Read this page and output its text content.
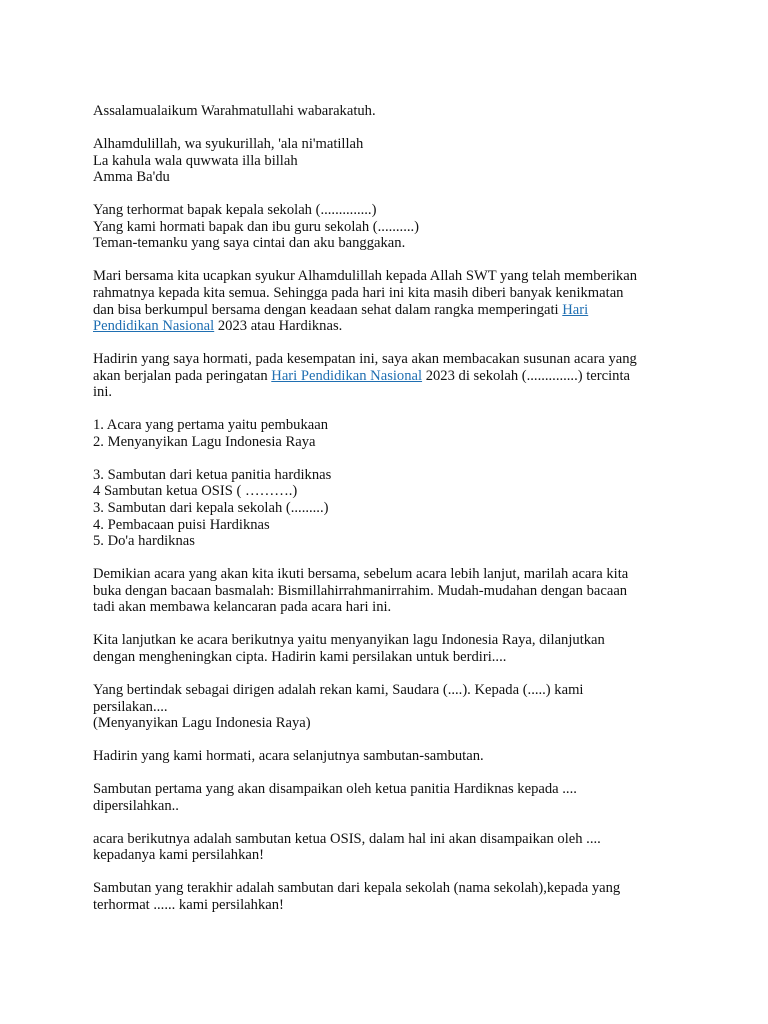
Assalamualaikum Warahmatullahi wabarakatuh.

Alhamdulillah, wa syukurillah, 'ala ni'matillah
La kahula wala quwwata illa billah
Amma Ba'du

Yang terhormat bapak kepala sekolah (..............)
Yang kami hormati bapak dan ibu guru sekolah (..........)
Teman-temanku yang saya cintai dan aku banggakan.

Mari bersama kita ucapkan syukur Alhamdulillah kepada Allah SWT yang telah memberikan
rahmatnya kepada kita semua. Sehingga pada hari ini kita masih diberi banyak kenikmatan
dan bisa berkumpul bersama dengan keadaan sehat dalam rangka memperingati Hari
Pendidikan Nasional 2023 atau Hardiknas.

Hadirin yang saya hormati, pada kesempatan ini, saya akan membacakan susunan acara yang
akan berjalan pada peringatan Hari Pendidikan Nasional 2023 di sekolah (..............) tercinta
ini.

1. Acara yang pertama yaitu pembukaan
2. Menyanyikan Lagu Indonesia Raya

3. Sambutan dari ketua panitia hardiknas
4 Sambutan ketua OSIS ( ……….)
3. Sambutan dari kepala sekolah (.........)
4. Pembacaan puisi Hardiknas
5. Do'a hardiknas

Demikian acara yang akan kita ikuti bersama, sebelum acara lebih lanjut, marilah acara kita
buka dengan bacaan basmalah: Bismillahirrahmanirrahim. Mudah-mudahan dengan bacaan
tadi akan membawa kelancaran pada acara hari ini.

Kita lanjutkan ke acara berikutnya yaitu menyanyikan lagu Indonesia Raya, dilanjutkan
dengan mengheningkan cipta. Hadirin kami persilakan untuk berdiri....

Yang bertindak sebagai dirigen adalah rekan kami, Saudara (....). Kepada (.....) kami
persilakan....
(Menyanyikan Lagu Indonesia Raya)

Hadirin yang kami hormati, acara selanjutnya sambutan-sambutan.

Sambutan pertama yang akan disampaikan oleh ketua panitia Hardiknas kepada ....
dipersilahkan..

acara berikutnya adalah sambutan ketua OSIS, dalam hal ini akan disampaikan oleh ....
kepadanya kami persilahkan!

Sambutan yang terakhir adalah sambutan dari kepala sekolah (nama sekolah),kepada yang
terhormat ...... kami persilahkan!
